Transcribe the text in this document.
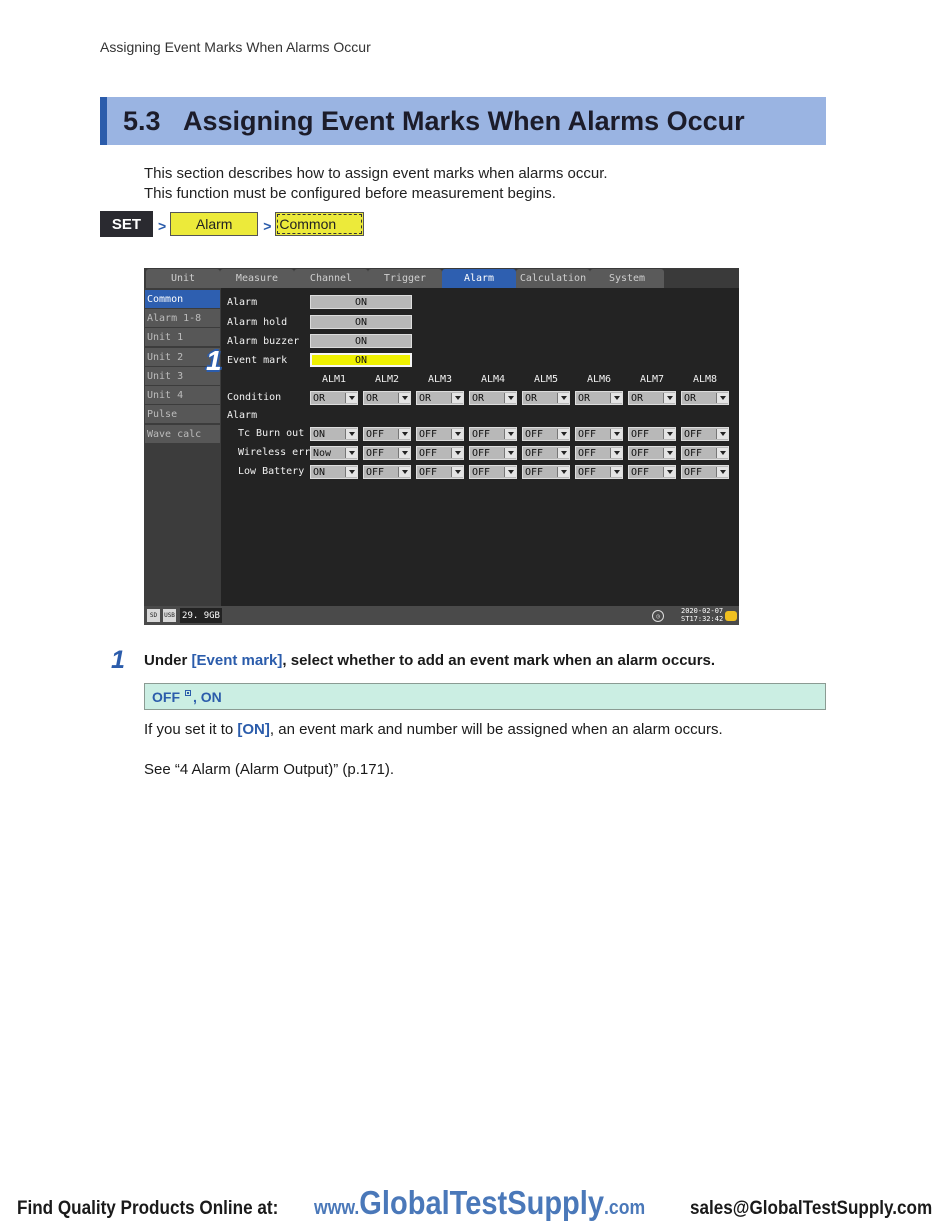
Assigning Event Marks When Alarms Occur
5.3 Assigning Event Marks When Alarms Occur
This section describes how to assign event marks when alarms occur.
This function must be configured before measurement begins.
SET	>	Alarm	> Common
Unit	Measure	Channel	Trigger	Alarm	Calculation	System
Common
Alarm 1-8
Unit 1
Unit 2
Unit 3
Unit 4
Pulse
Wave calc
Alarm	ON
Alarm hold	ON
Alarm buzzer	ON
Event mark	ON
ALM1	ALM2	ALM3	ALM4	ALM5	ALM6	ALM7	ALM8
Condition	OR	OR	OR	OR	OR	OR	OR	OR
Alarm
Tc Burn out ON	OFF	OFF	OFF	OFF	OFF	OFF	OFF
Wireless err Now	OFF	OFF	OFF	OFF	OFF	OFF	OFF
Low Battery ON	OFF	OFF	OFF	OFF	OFF	OFF	OFF
SD	USB 29. 9GB	◷
2020-02-07
ST17:32:42
1
1 Under [Event mark], select whether to add an event mark when an alarm occurs.
OFF , ON
If you set it to [ON], an event mark and number will be assigned when an alarm occurs.
See “4 Alarm (Alarm Output)” (p.171).
Find Quality Products Online at: www.GlobalTestSupply.com sales@GlobalTestSupply.com
